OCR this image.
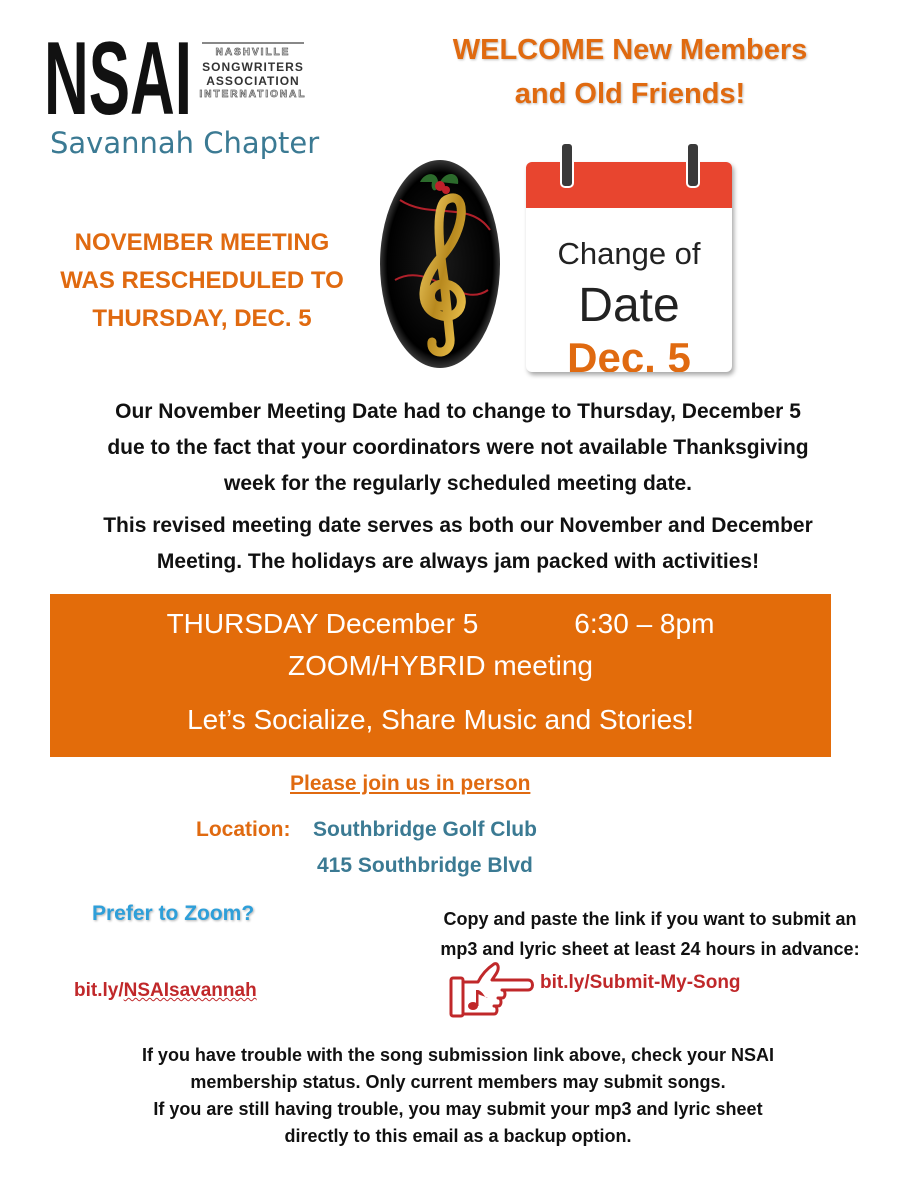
NSAI	NASHVILLE
SONGWRITERS
ASSOCIATION
INTERNATIONAL
Savannah Chapter
WELCOME New Members
and Old Friends!
NOVEMBER MEETING
WAS RESCHEDULED TO
THURSDAY, DEC. 5
Change of
Date
Dec. 5
Our November Meeting Date had to change to Thursday, December 5
due to the fact that your coordinators were not available Thanksgiving
week for the regularly scheduled meeting date.
This revised meeting date serves as both our November and December
Meeting. The holidays are always jam packed with activities!
THURSDAY December 5	6:30 – 8pm
ZOOM/HYBRID meeting
Let’s Socialize, Share Music and Stories!
Please join us in person
Location: Southbridge Golf Club
415 Southbridge Blvd
Prefer to Zoom?	Copy and paste the link if you want to submit an
mp3 and lyric sheet at least 24 hours in advance:
bit.ly/NSAIsavannah	bit.ly/Submit-My-Song
If you have trouble with the song submission link above, check your NSAI
membership status. Only current members may submit songs.
If you are still having trouble, you may submit your mp3 and lyric sheet
directly to this email as a backup option.
